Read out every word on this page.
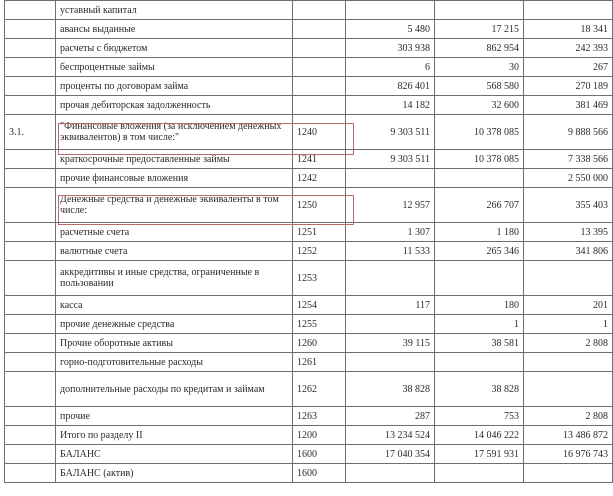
	уставный капитал				
	авансы выданные		5 480	17 215	18 341
	расчеты с бюджетом		303 938	862 954	242 393
	беспроцентные займы		6	30	267
	проценты по договорам займа		826 401	568 580	270 189
	прочая дебиторская задолженность		14 182	32 600	381 469
3.1.	"Финансовые вложения (за исключением денежных эквивалентов) в том числе:"	1240	9 303 511	10 378 085	9 888 566
	краткосрочные предоставленные займы	1241	9 303 511	10 378 085	7 338 566
	прочие финансовые вложения	1242			2 550 000
	Денежные средства и денежные эквиваленты в том числе:	1250	12 957	266 707	355 403
	расчетные счета	1251	1 307	1 180	13 395
	валютные счета	1252	11 533	265 346	341 806
	аккредитивы и иные средства, ограниченные в пользовании	1253			
	касса	1254	117	180	201
	прочие денежные средства	1255		1	1
	Прочие оборотные активы	1260	39 115	38 581	2 808
	горно-подготовительные расходы	1261			
	дополнительные расходы по кредитам и займам	1262	38 828	38 828	
	прочие	1263	287	753	2 808
	Итого по разделу II	1200	13 234 524	14 046 222	13 486 872
	БАЛАНС	1600	17 040 354	17 591 931	16 976 743
	БАЛАНС (актив)	1600			
